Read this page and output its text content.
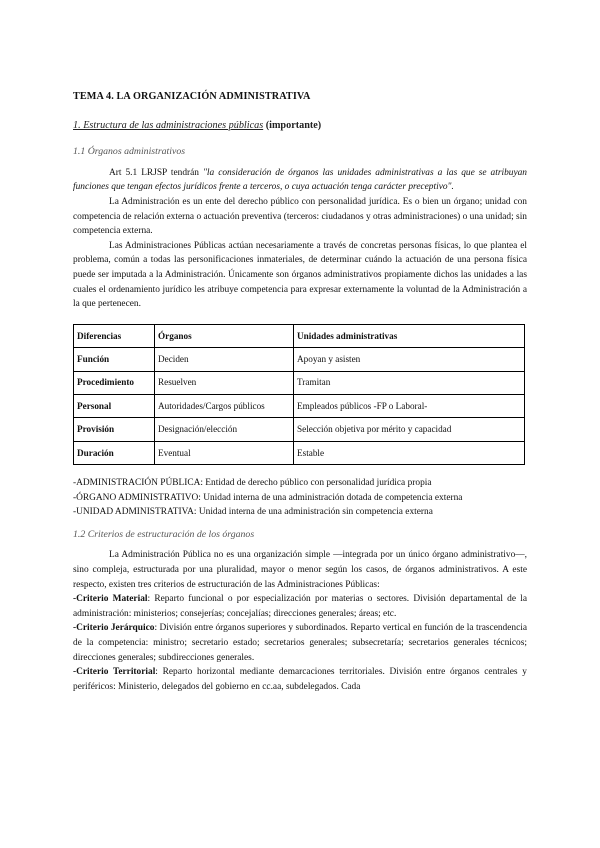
TEMA 4. LA ORGANIZACIÓN ADMINISTRATIVA
1. Estructura de las administraciones públicas (importante)
1.1 Órganos administrativos

Art 5.1 LRJSP tendrán "la consideración de órganos las unidades administrativas a las que se atribuyan funciones que tengan efectos jurídicos frente a terceros, o cuya actuación tenga carácter preceptivo".

La Administración es un ente del derecho público con personalidad jurídica. Es o bien un órgano; unidad con competencia de relación externa o actuación preventiva (terceros: ciudadanos y otras administraciones) o una unidad; sin competencia externa.

Las Administraciones Públicas actúan necesariamente a través de concretas personas físicas, lo que plantea el problema, común a todas las personificaciones inmateriales, de determinar cuándo la actuación de una persona física puede ser imputada a la Administración. Únicamente son órganos administrativos propiamente dichos las unidades a las cuales el ordenamiento jurídico les atribuye competencia para expresar externamente la voluntad de la Administración a la que pertenecen.

Diferencias	Órganos	Unidades administrativas
Función	Deciden	Apoyan y asisten
Procedimiento	Resuelven	Tramitan
Personal	Autoridades/Cargos públicos	Empleados públicos -FP o Laboral-
Provisión	Designación/elección	Selección objetiva por mérito y capacidad
Duración	Eventual	Estable

-ADMINISTRACIÓN PÚBLICA: Entidad de derecho público con personalidad jurídica propia

-ÓRGANO ADMINISTRATIVO: Unidad interna de una administración dotada de competencia externa

-UNIDAD ADMINISTRATIVA: Unidad interna de una administración sin competencia externa

1.2 Criterios de estructuración de los órganos

La Administración Pública no es una organización simple —integrada por un único órgano administrativo—, sino compleja, estructurada por una pluralidad, mayor o menor según los casos, de órganos administrativos. A este respecto, existen tres criterios de estructuración de las Administraciones Públicas:

-Criterio Material: Reparto funcional o por especialización por materias o sectores. División departamental de la administración: ministerios; consejerías; concejalías; direcciones generales; áreas; etc.

-Criterio Jerárquico: División entre órganos superiores y subordinados. Reparto vertical en función de la trascendencia de la competencia: ministro; secretario estado; secretarios generales; subsecretaría; secretarios generales técnicos; direcciones generales; subdirecciones generales.

-Criterio Territorial: Reparto horizontal mediante demarcaciones territoriales. División entre órganos centrales y periféricos: Ministerio, delegados del gobierno en cc.aa, subdelegados. Cada
